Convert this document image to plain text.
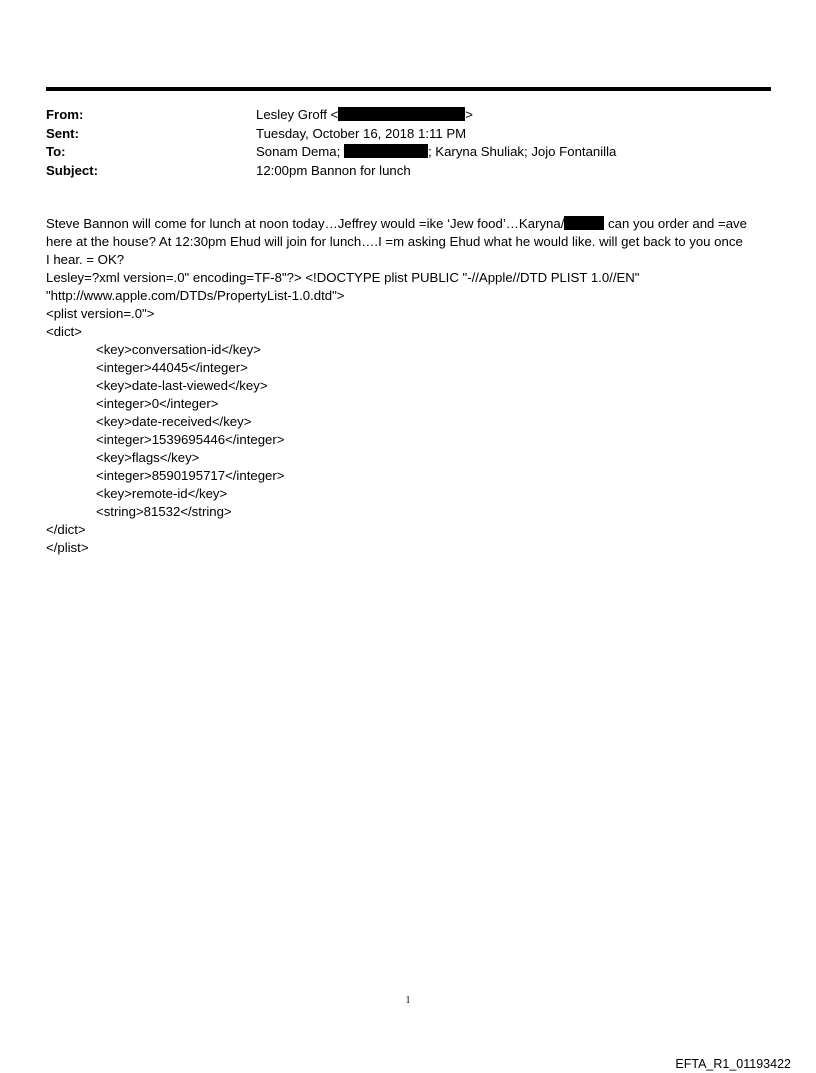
From:	Lesley Groff <	>
Sent:	Tuesday, October 16, 2018 1:11 PM
To:	Sonam Dema;	; Karyna Shuliak; Jojo Fontanilla
Subject:	12:00pm Bannon for lunch

Steve Bannon will come for lunch at noon today…Jeffrey would =ike ‘Jew food’…Karyna/	can you order and =ave

here at the house? At 12:30pm Ehud will join for lunch….I =m asking Ehud what he would like. will get back to you once

I hear. = OK?

Lesley=?xml version=.0" encoding=TF-8"?> <!DOCTYPE plist PUBLIC "-//Apple//DTD PLIST 1.0//EN"

"http://www.apple.com/DTDs/PropertyList-1.0.dtd">

<plist version=.0">

<dict>

<key>conversation-id</key>

<integer>44045</integer>

<key>date-last-viewed</key>

<integer>0</integer>

<key>date-received</key>

<integer>1539695446</integer>

<key>flags</key>

<integer>8590195717</integer>

<key>remote-id</key>

<string>81532</string>

</dict>

</plist>

1
EFTA_R1_01193422
